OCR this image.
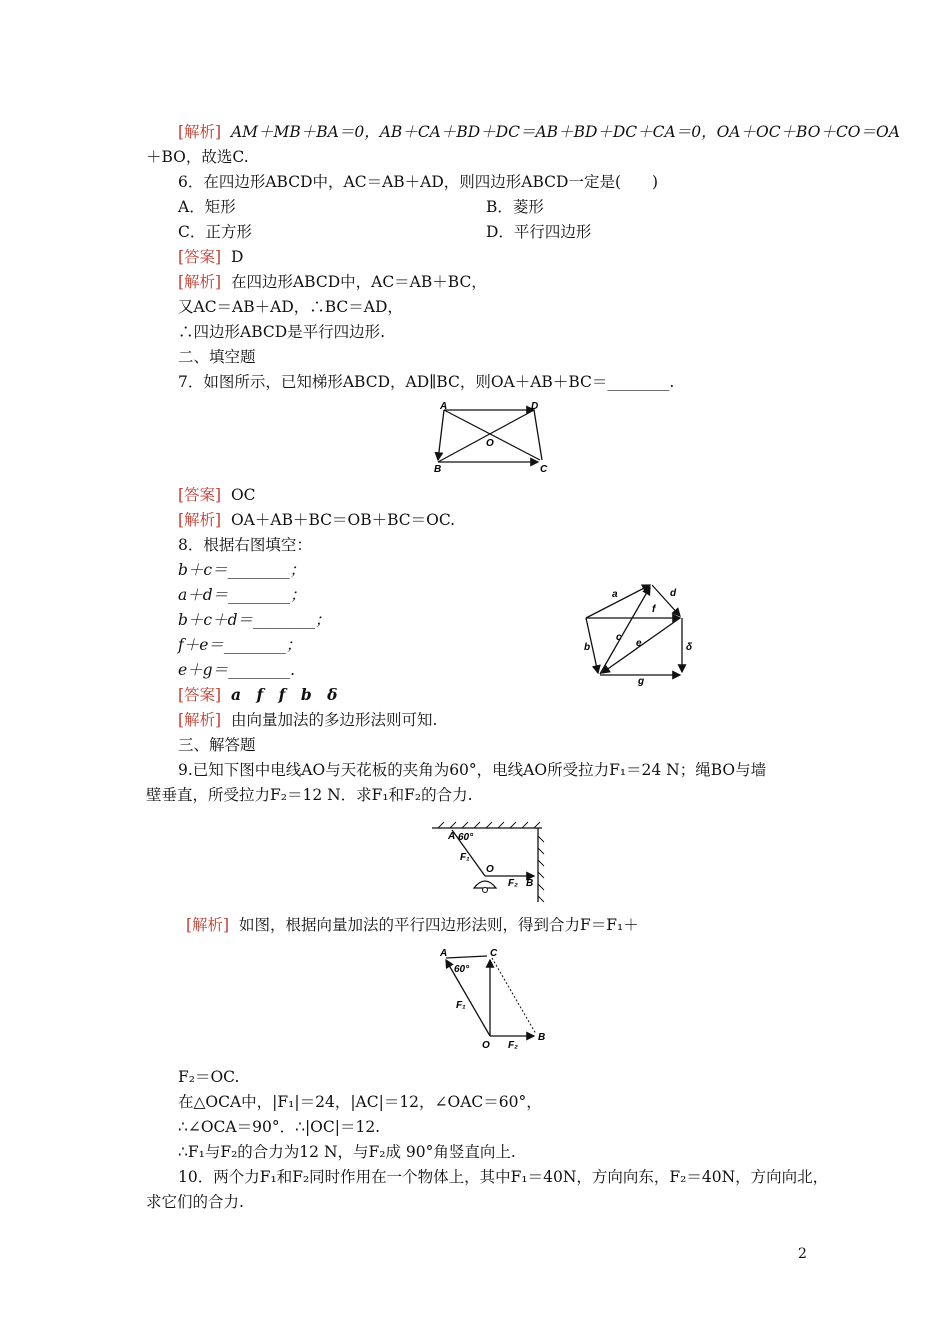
[解析] AM＋MB＋BA＝0，AB＋CA＋BD＋DC＝AB＋BD＋DC＋CA＝0，OA＋OC＋BO＋CO＝OA
＋BO，故选C.
6．在四边形ABCD中，AC＝AB＋AD，则四边形ABCD一定是(　　)
A．矩形	B．菱形
C．正方形	D．平行四边形
[答案] D
[解析] 在四边形ABCD中，AC＝AB＋BC，
又AC＝AB＋AD，∴BC＝AD，
∴四边形ABCD是平行四边形.
二、填空题
7．如图所示，已知梯形ABCD，AD∥BC，则OA＋AB＋BC＝________.
A	D
O
B	C
[答案] OC
[解析] OA＋AB＋BC＝OB＋BC＝OC.
8．根据右图填空：
b＋c＝________；
a＋d＝________；
b＋c＋d＝________；
f＋e＝________；
e＋g＝________.
a	d
f
c
e
b	δ
g
[答案] a　f　f　b　δ
[解析] 由向量加法的多边形法则可知.
三、解答题
9.已知下图中电线AO与天花板的夹角为60°，电线AO所受拉力F₁＝24 N；绳BO与墙
壁垂直，所受拉力F₂＝12 N．求F₁和F₂的合力.
A 60°
F₁
O
F₂ B
[解析] 如图，根据向量加法的平行四边形法则，得到合力F＝F₁＋
A	C
60°
F₁
O F₂
B
F₂＝OC.
在△OCA中，|F₁|＝24，|AC|＝12，∠OAC＝60°，
∴∠OCA＝90°．∴|OC|＝12.
∴F₁与F₂的合力为12 N，与F₂成 90°角竖直向上.
10．两个力F₁和F₂同时作用在一个物体上，其中F₁＝40N，方向向东，F₂＝40N，方向向北，
求它们的合力.
2
